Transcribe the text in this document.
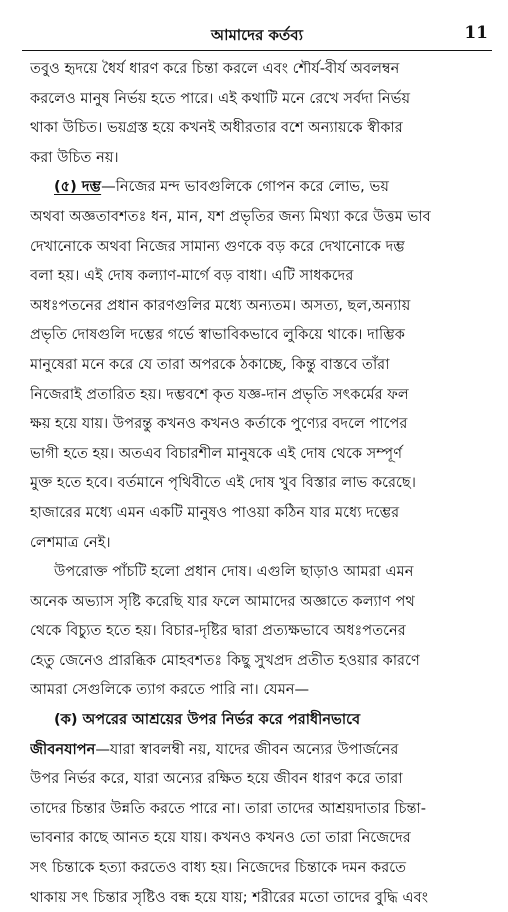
আমাদের কর্তব্য	11
তবুও হৃদয়ে ধৈর্য ধারণ করে চিন্তা করলে এবং শৌর্য-বীর্য অবলম্বন
করলেও মানুষ নির্ভয় হতে পারে। এই কথাটি মনে রেখে সর্বদা নির্ভয়
থাকা উচিত। ভয়গ্রস্ত হয়ে কখনই অধীরতার বশে অন্যায়কে স্বীকার
করা উচিত নয়।
(৫) দম্ভ—নিজের মন্দ ভাবগুলিকে গোপন করে লোভ, ভয়
অথবা অজ্ঞতাবশতঃ ধন, মান, যশ প্রভৃতির জন্য মিথ্যা করে উত্তম ভাব
দেখানোকে অথবা নিজের সামান্য গুণকে বড় করে দেখানোকে দম্ভ
বলা হয়। এই দোষ কল্যাণ-মার্গে বড় বাধা। এটি সাধকদের
অধঃপতনের প্রধান কারণগুলির মধ্যে অন্যতম। অসত্য, ছল,অন্যায়
প্রভৃতি দোষগুলি দম্ভের গর্ভে স্বাভাবিকভাবে লুকিয়ে থাকে। দাম্ভিক
মানুষেরা মনে করে যে তারা অপরকে ঠকাচ্ছে, কিন্তু বাস্তবে তাঁরা
নিজেরাই প্রতারিত হয়। দম্ভবশে কৃত যজ্ঞ-দান প্রভৃতি সৎকর্মের ফল
ক্ষয় হয়ে যায়। উপরন্তু কখনও কখনও কর্তাকে পুণ্যের বদলে পাপের
ভাগী হতে হয়। অতএব বিচারশীল মানুষকে এই দোষ থেকে সম্পূর্ণ
মুক্ত হতে হবে। বর্তমানে পৃথিবীতে এই দোষ খুব বিস্তার লাভ করেছে।
হাজারের মধ্যে এমন একটি মানুষও পাওয়া কঠিন যার মধ্যে দম্ভের
লেশমাত্র নেই।
উপরোক্ত পাঁচটি হলো প্রধান দোষ। এগুলি ছাড়াও আমরা এমন
অনেক অভ্যাস সৃষ্টি করেছি যার ফলে আমাদের অজ্ঞাতে কল্যাণ পথ
থেকে বিচ্যুত হতে হয়। বিচার-দৃষ্টির দ্বারা প্রত্যক্ষভাবে অধঃপতনের
হেতু জেনেও প্রারব্ধিক মোহবশতঃ কিছু সুখপ্রদ প্রতীত হওয়ার কারণে
আমরা সেগুলিকে ত্যাগ করতে পারি না। যেমন—
(ক) অপরের আশ্রয়ের উপর নির্ভর করে পরাধীনভাবে
জীবনযাপন—যারা স্বাবলম্বী নয়, যাদের জীবন অন্যের উপার্জনের
উপর নির্ভর করে, যারা অন্যের রক্ষিত হয়ে জীবন ধারণ করে তারা
তাদের চিন্তার উন্নতি করতে পারে না। তারা তাদের আশ্রয়দাতার চিন্তা-
ভাবনার কাছে আনত হয়ে যায়। কখনও কখনও তো তারা নিজেদের
সৎ চিন্তাকে হত্যা করতেও বাধ্য হয়। নিজেদের চিন্তাকে দমন করতে
থাকায় সৎ চিন্তার সৃষ্টিও বন্ধ হয়ে যায়; শরীরের মতো তাদের বুদ্ধি এবং
